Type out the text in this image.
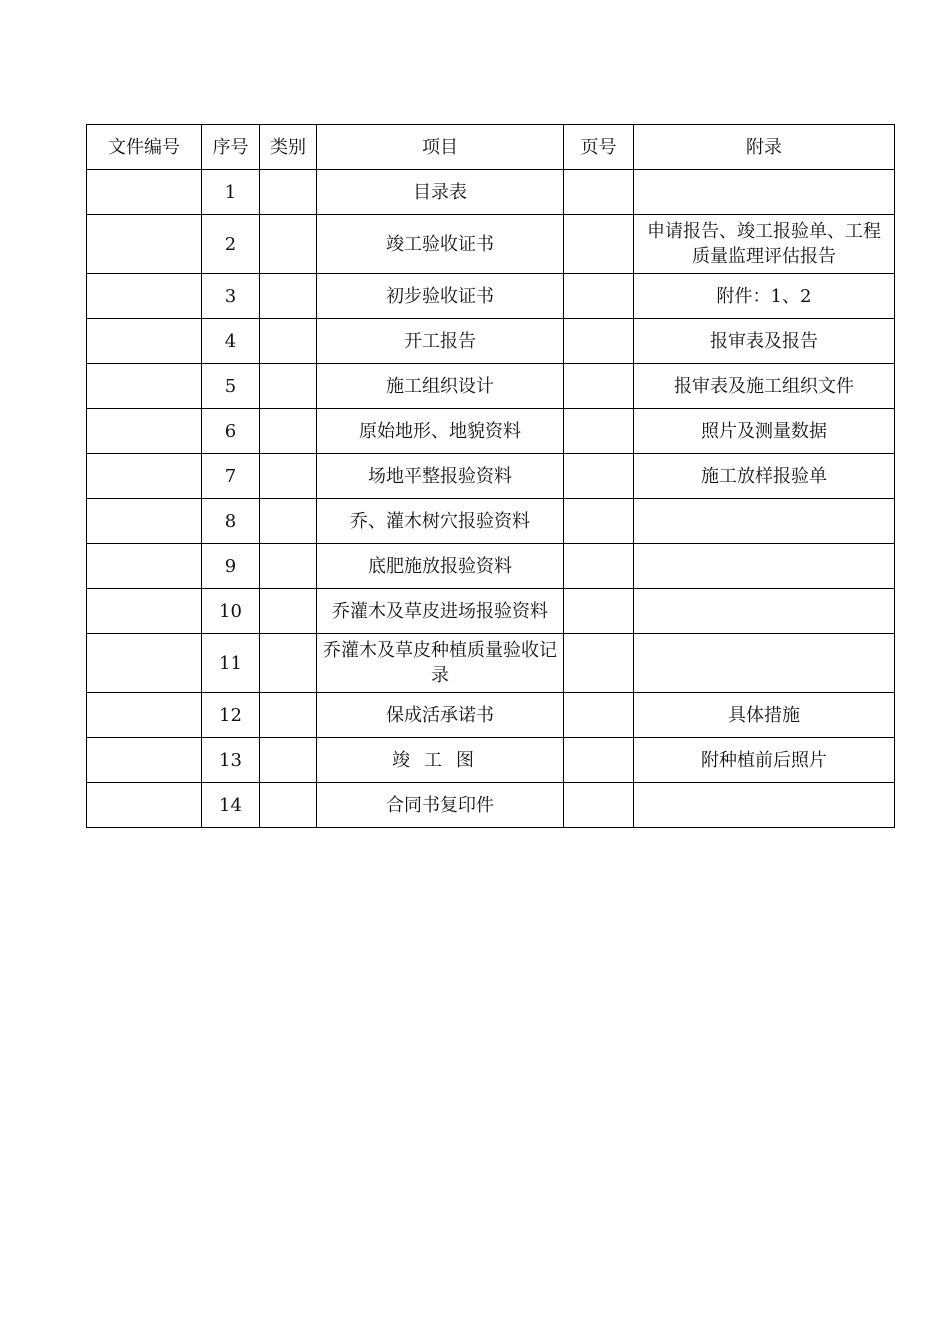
文件编号	序号	类别	项目	页号	附录
	1		目录表		
	2		竣工验收证书		申请报告、竣工报验单、工程质量监理评估报告
	3		初步验收证书		附件：1、2
	4		开工报告		报审表及报告
	5		施工组织设计		报审表及施工组织文件
	6		原始地形、地貌资料		照片及测量数据
	7		场地平整报验资料		施工放样报验单
	8		乔、灌木树穴报验资料		
	9		底肥施放报验资料		
	10		乔灌木及草皮进场报验资料		
	11		乔灌木及草皮种植质量验收记录		
	12		保成活承诺书		具体措施
	13		竣工图		附种植前后照片
	14		合同书复印件		
